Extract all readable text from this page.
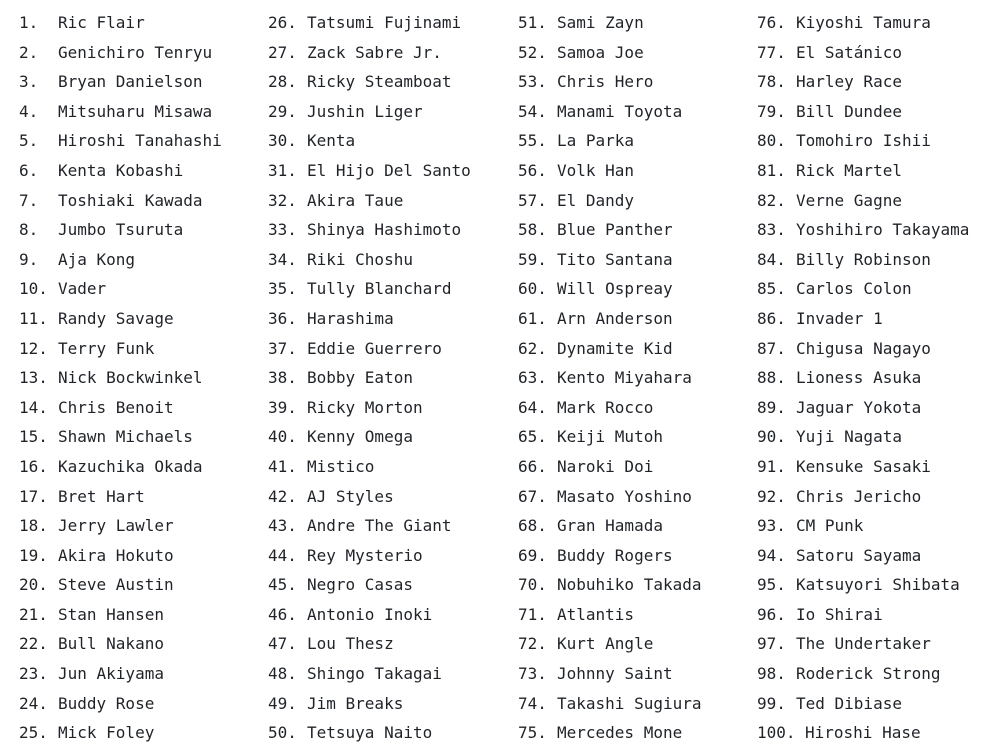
1. Ric Flair
2. Genichiro Tenryu
3. Bryan Danielson
4. Mitsuharu Misawa
5. Hiroshi Tanahashi
6. Kenta Kobashi
7. Toshiaki Kawada
8. Jumbo Tsuruta
9. Aja Kong
10. Vader
11. Randy Savage
12. Terry Funk
13. Nick Bockwinkel
14. Chris Benoit
15. Shawn Michaels
16. Kazuchika Okada
17. Bret Hart
18. Jerry Lawler
19. Akira Hokuto
20. Steve Austin
21. Stan Hansen
22. Bull Nakano
23. Jun Akiyama
24. Buddy Rose
25. Mick Foley
26. Tatsumi Fujinami
27. Zack Sabre Jr.
28. Ricky Steamboat
29. Jushin Liger
30. Kenta
31. El Hijo Del Santo
32. Akira Taue
33. Shinya Hashimoto
34. Riki Choshu
35. Tully Blanchard
36. Harashima
37. Eddie Guerrero
38. Bobby Eaton
39. Ricky Morton
40. Kenny Omega
41. Mistico
42. AJ Styles
43. Andre The Giant
44. Rey Mysterio
45. Negro Casas
46. Antonio Inoki
47. Lou Thesz
48. Shingo Takagai
49. Jim Breaks
50. Tetsuya Naito
51. Sami Zayn
52. Samoa Joe
53. Chris Hero
54. Manami Toyota
55. La Parka
56. Volk Han
57. El Dandy
58. Blue Panther
59. Tito Santana
60. Will Ospreay
61. Arn Anderson
62. Dynamite Kid
63. Kento Miyahara
64. Mark Rocco
65. Keiji Mutoh
66. Naroki Doi
67. Masato Yoshino
68. Gran Hamada
69. Buddy Rogers
70. Nobuhiko Takada
71. Atlantis
72. Kurt Angle
73. Johnny Saint
74. Takashi Sugiura
75. Mercedes Mone
76. Kiyoshi Tamura
77. El Satánico
78. Harley Race
79. Bill Dundee
80. Tomohiro Ishii
81. Rick Martel
82. Verne Gagne
83. Yoshihiro Takayama
84. Billy Robinson
85. Carlos Colon
86. Invader 1
87. Chigusa Nagayo
88. Lioness Asuka
89. Jaguar Yokota
90. Yuji Nagata
91. Kensuke Sasaki
92. Chris Jericho
93. CM Punk
94. Satoru Sayama
95. Katsuyori Shibata
96. Io Shirai
97. The Undertaker
98. Roderick Strong
99. Ted Dibiase
100. Hiroshi Hase
